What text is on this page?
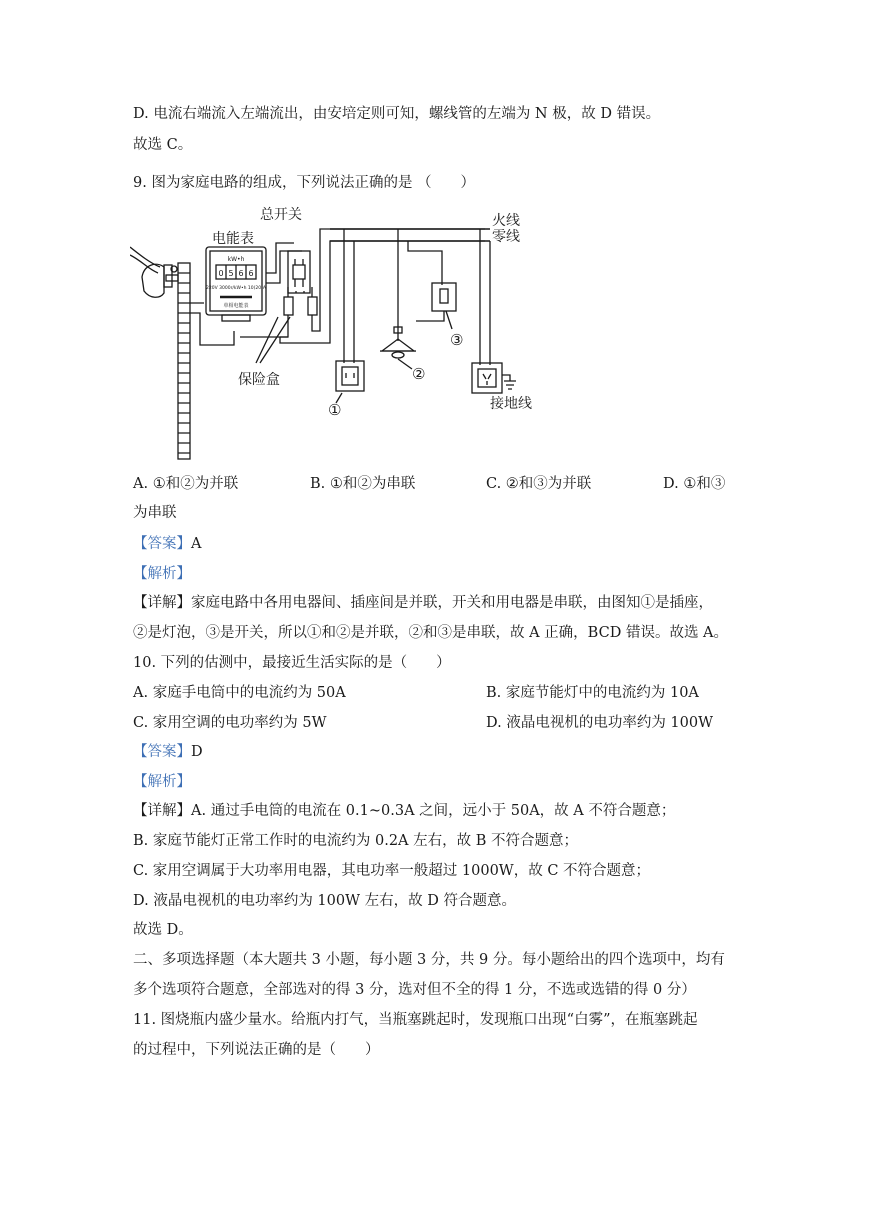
D. 电流右端流入左端流出，由安培定则可知，螺线管的左端为 N 极，故 D 错误。
故选 C。
9. 图为家庭电路的组成，下列说法正确的是 （　　）
kW•h
0 5 6 6
220V 3000r/kW•h 10(20)A
单相电能表
电能表
总开关	火线
零线
保险盒
接地线
①
②
③
A. ①和②为并联	B. ①和②为串联	C. ②和③为并联	D. ①和③
为串联
【答案】A
【解析】
【详解】家庭电路中各用电器间、插座间是并联，开关和用电器是串联，由图知①是插座，
②是灯泡，③是开关，所以①和②是并联，②和③是串联，故 A 正确，BCD 错误。故选 A。
10. 下列的估测中，最接近生活实际的是（　　）
A. 家庭手电筒中的电流约为 50A	B. 家庭节能灯中的电流约为 10A
C. 家用空调的电功率约为 5W	D. 液晶电视机的电功率约为 100W
【答案】D
【解析】
【详解】A. 通过手电筒的电流在 0.1~0.3A 之间，远小于 50A，故 A 不符合题意；
B. 家庭节能灯正常工作时的电流约为 0.2A 左右，故 B 不符合题意；
C. 家用空调属于大功率用电器，其电功率一般超过 1000W，故 C 不符合题意；
D. 液晶电视机的电功率约为 100W 左右，故 D 符合题意。
故选 D。
二、多项选择题（本大题共 3 小题，每小题 3 分，共 9 分。每小题给出的四个选项中，均有
多个选项符合题意，全部选对的得 3 分，选对但不全的得 1 分，不选或选错的得 0 分）
11. 图烧瓶内盛少量水。给瓶内打气，当瓶塞跳起时，发现瓶口出现“白雾”，在瓶塞跳起
的过程中，下列说法正确的是（　　）
